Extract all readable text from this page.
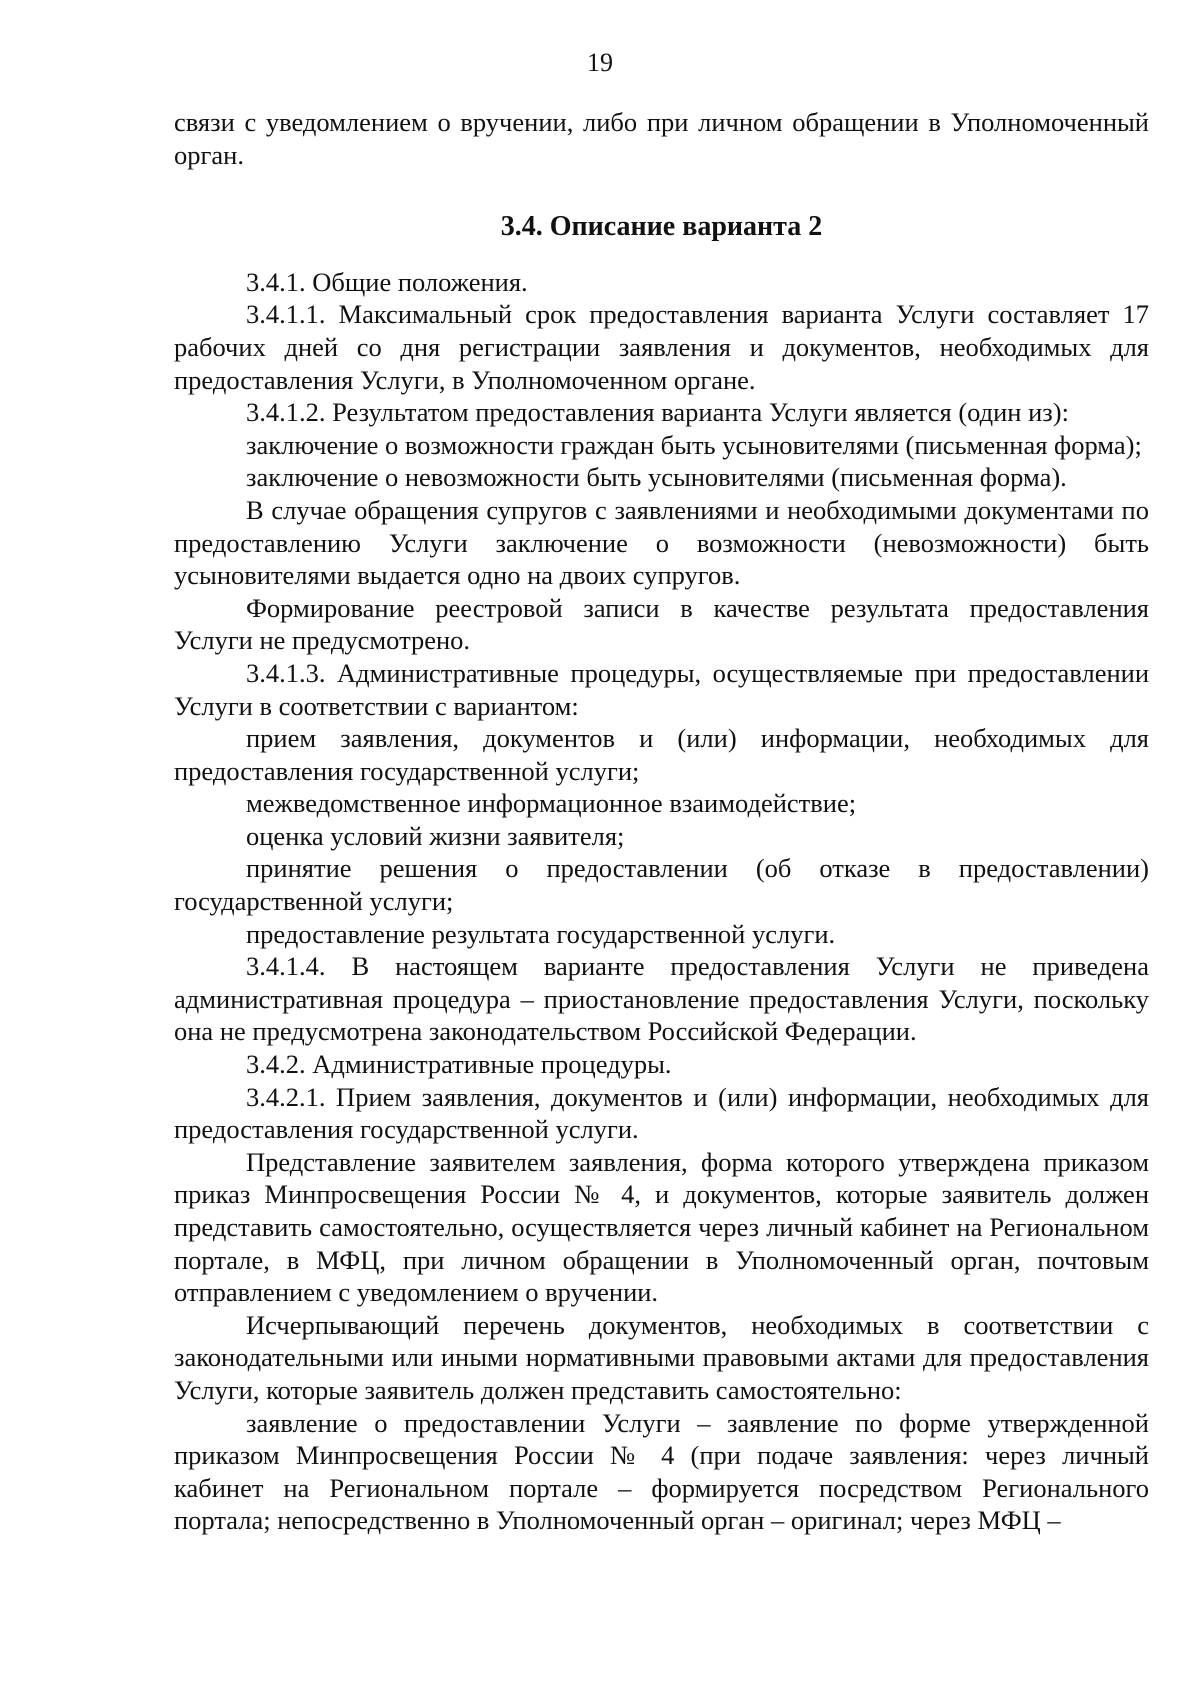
19

связи с уведомлением о вручении, либо при личном обращении в Уполномоченный орган.

3.4. Описание варианта 2

3.4.1. Общие положения.

3.4.1.1. Максимальный срок предоставления варианта Услуги составляет 17 рабочих дней со дня регистрации заявления и документов, необходимых для предоставления Услуги, в Уполномоченном органе.

3.4.1.2. Результатом предоставления варианта Услуги является (один из):

заключение о возможности граждан быть усыновителями (письменная форма);

заключение о невозможности быть усыновителями (письменная форма).

В случае обращения супругов с заявлениями и необходимыми документами по предоставлению Услуги заключение о возможности (невозможности) быть усыновителями выдается одно на двоих супругов.

Формирование реестровой записи в качестве результата предоставления Услуги не предусмотрено.

3.4.1.3. Административные процедуры, осуществляемые при предоставлении Услуги в соответствии с вариантом:

прием заявления, документов и (или) информации, необходимых для предоставления государственной услуги;

межведомственное информационное взаимодействие;

оценка условий жизни заявителя;

принятие решения о предоставлении (об отказе в предоставлении) государственной услуги;

предоставление результата государственной услуги.

3.4.1.4. В настоящем варианте предоставления Услуги не приведена административная процедура – приостановление предоставления Услуги, поскольку она не предусмотрена законодательством Российской Федерации.

3.4.2. Административные процедуры.

3.4.2.1. Прием заявления, документов и (или) информации, необходимых для предоставления государственной услуги.

Представление заявителем заявления, форма которого утверждена приказом приказ Минпросвещения России № 4, и документов, которые заявитель должен представить самостоятельно, осуществляется через личный кабинет на Региональном портале, в МФЦ, при личном обращении в Уполномоченный орган, почтовым отправлением с уведомлением о вручении.

Исчерпывающий перечень документов, необходимых в соответствии с законодательными или иными нормативными правовыми актами для предоставления Услуги, которые заявитель должен представить самостоятельно:

заявление о предоставлении Услуги – заявление по форме утвержденной приказом Минпросвещения России № 4 (при подаче заявления: через личный кабинет на Региональном портале – формируется посредством Регионального портала; непосредственно в Уполномоченный орган – оригинал; через МФЦ –
